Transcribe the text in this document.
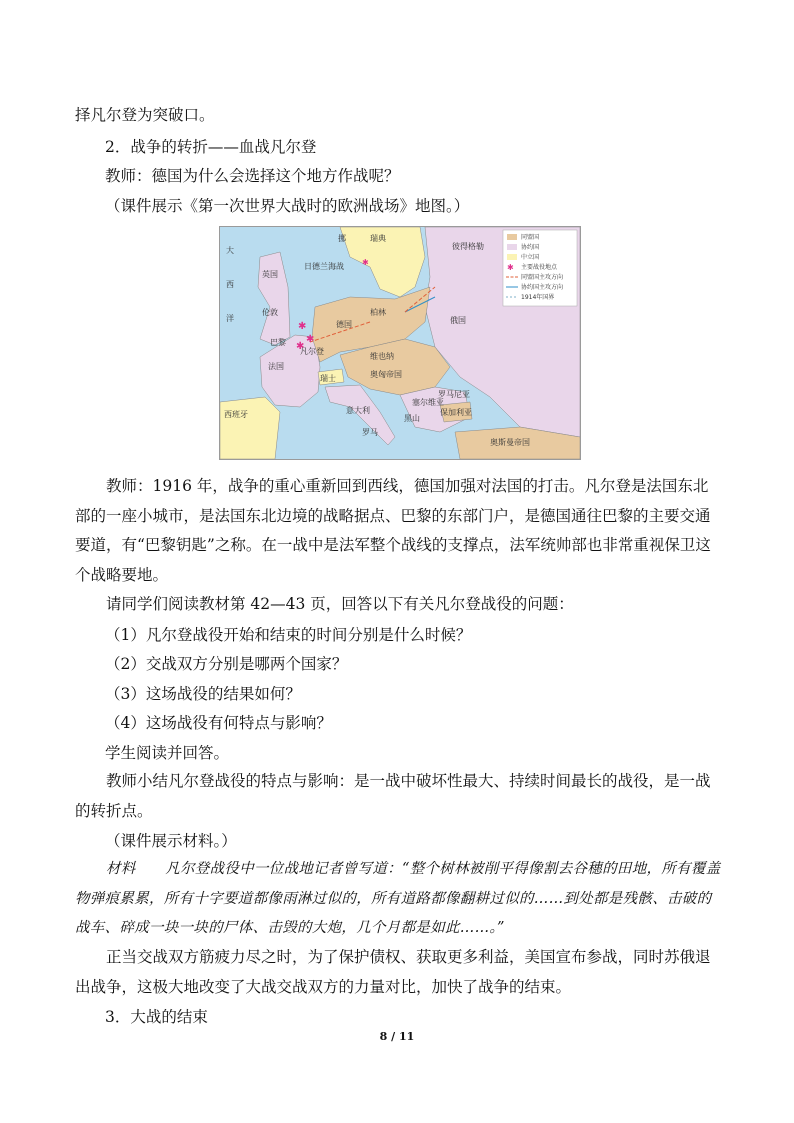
择凡尔登为突破口。
2．战争的转折——血战凡尔登
教师：德国为什么会选择这个地方作战呢？
（课件展示《第一次世界大战时的欧洲战场》地图。）
✱
✱
✱
✱
瑞典
挪
彼得格勒
日德兰海战
英国
伦敦
巴黎
凡尔登
法国
德国
柏林
俄国
维也纳
奥匈帝国
瑞士
意大利
罗马
罗马尼亚
保加利亚
塞尔维亚
黑山
奥斯曼帝国
西班牙
大
西
洋
✱
同盟国
协约国
中立国
主要战役地点
同盟国主攻方向
协约国主攻方向
1914年国界

教师：1916 年，战争的重心重新回到西线，德国加强对法国的打击。凡尔登是法国东北部的一座小城市，是法国东北边境的战略据点、巴黎的东部门户，是德国通往巴黎的主要交通要道，有“巴黎钥匙”之称。在一战中是法军整个战线的支撑点，法军统帅部也非常重视保卫这个战略要地。

请同学们阅读教材第 42—43 页，回答以下有关凡尔登战役的问题：

（1）凡尔登战役开始和结束的时间分别是什么时候？
（2）交战双方分别是哪两个国家？
（3）这场战役的结果如何？
（4）这场战役有何特点与影响？
学生阅读并回答。

教师小结凡尔登战役的特点与影响：是一战中破坏性最大、持续时间最长的战役，是一战的转折点。

（课件展示材料。）

材料　　凡尔登战役中一位战地记者曾写道：“整个树林被削平得像割去谷穗的田地，所有覆盖物弹痕累累，所有十字要道都像雨淋过似的，所有道路都像翻耕过似的……到处都是残骸、击破的战车、碎成一块一块的尸体、击毁的大炮，几个月都是如此……。”

正当交战双方筋疲力尽之时，为了保护债权、获取更多利益，美国宣布参战，同时苏俄退出战争，这极大地改变了大战交战双方的力量对比，加快了战争的结束。

3．大战的结束
8 / 11
